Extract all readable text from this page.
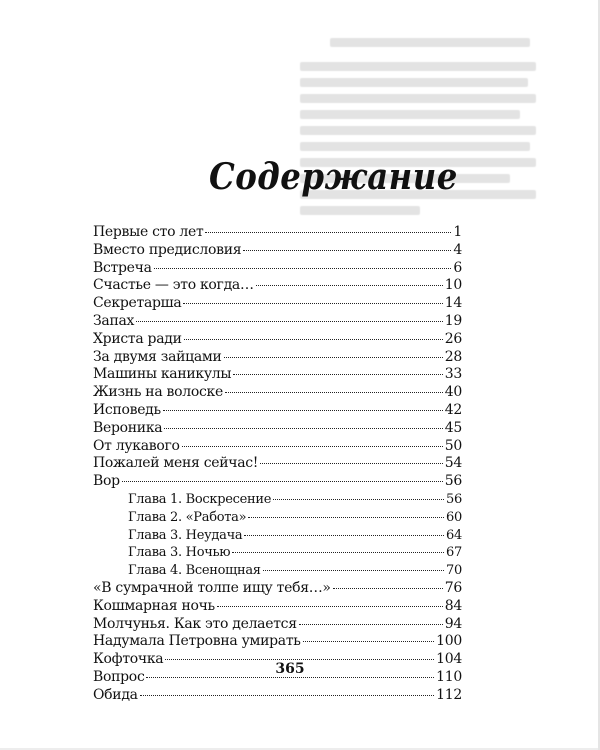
Содержание
Первые сто лет	1
Вместо предисловия	4
Встреча	6
Счастье — это когда…	10
Секретарша	14
Запах	19
Христа ради	26
За двумя зайцами	28
Машины каникулы	33
Жизнь на волоске	40
Исповедь	42
Вероника	45
От лукавого	50
Пожалей меня сейчас!	54
Вор	56
Глава 1. Воскресение	56
Глава 2. «Работа»	60
Глава 3. Неудача	64
Глава 3. Ночью	67
Глава 4. Всенощная	70
«В сумрачной толпе ищу тебя…»	76
Кошмарная ночь	84
Молчунья. Как это делается	94
Надумала Петровна умирать	100
Кофточка	104
Вопрос	110
Обида	112
365
